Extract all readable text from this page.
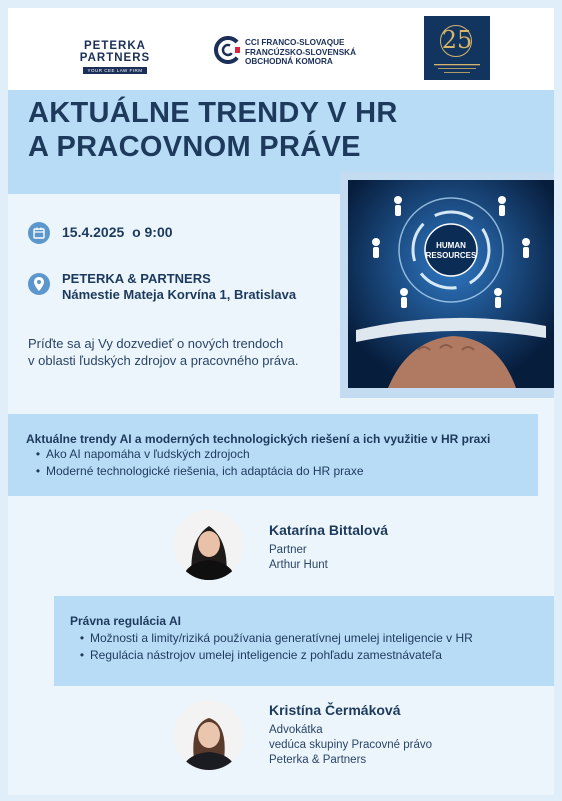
PETERKA PARTNERS
YOUR CEE LAW FIRM
CCI FRANCO-SLOVAQUE
FRANCÚZSKO-SLOVENSKÁ
OBCHODNÁ KOMORA
25
AKTUÁLNE TRENDY V HR
A PRACOVNOM PRÁVE
HUMAN
RESOURCES
15.4.2025 o 9:00
PETERKA & PARTNERS
Námestie Mateja Korvína 1, Bratislava
Príďte sa aj Vy dozvedieť o nových trendoch
v oblasti ľudských zdrojov a pracovného práva.
Aktuálne trendy AI a moderných technologických riešení a ich využitie v HR praxi
• Ako AI napomáha v ľudských zdrojoch
• Moderné technologické riešenia, ich adaptácia do HR praxe
Katarína Bittalová
Partner
Arthur Hunt
Právna regulácia AI
• Možnosti a limity/riziká používania generatívnej umelej inteligencie v HR
• Regulácia nástrojov umelej inteligencie z pohľadu zamestnávateľa
Kristína Čermáková
Advokátka
vedúca skupiny Pracovné právo
Peterka & Partners
